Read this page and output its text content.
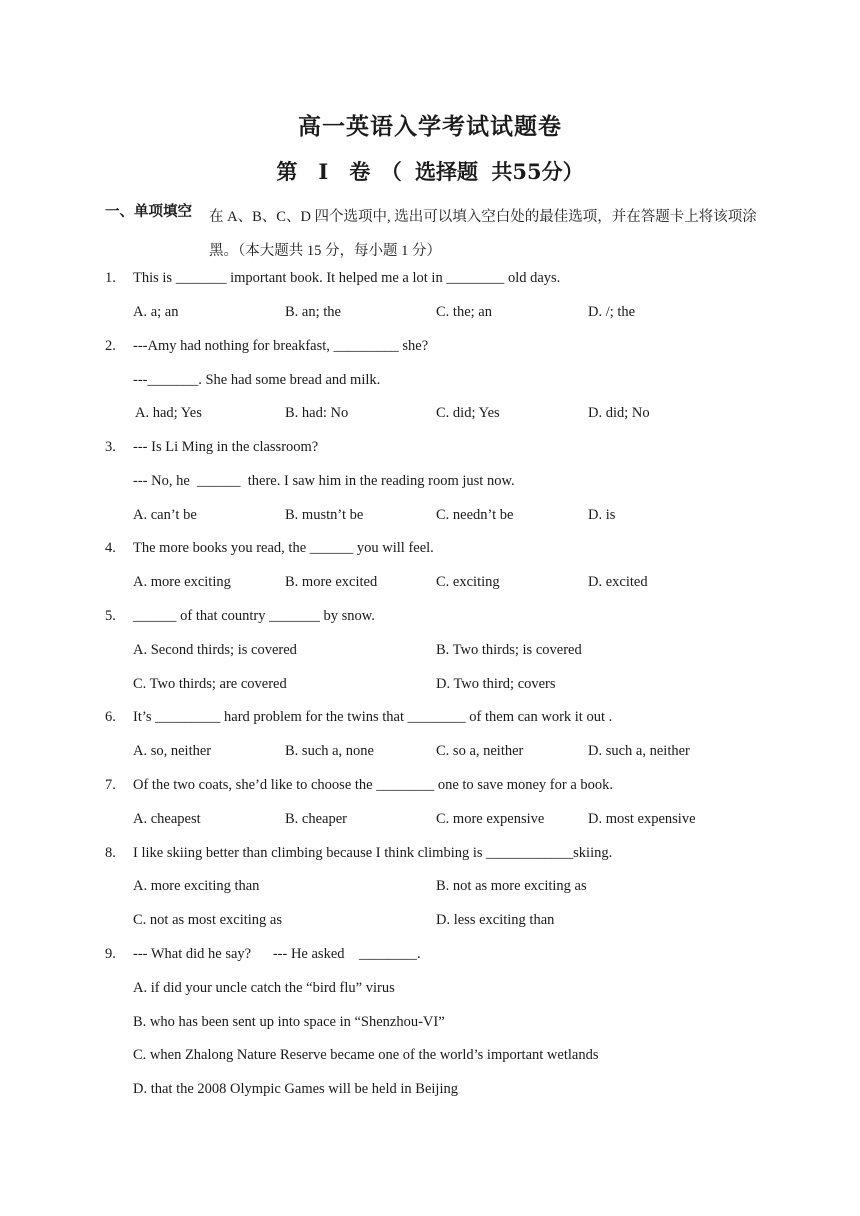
高一英语入学考试试题卷
第　Ⅰ　卷　（ 选择题 共55分）
一、单项填空 在 A、B、C、D 四个选项中, 选出可以填入空白处的最佳选项，并在答题卡上将该项涂黑。（本大题共 15 分，每小题 1 分）
1. This is _______ important book. It helped me a lot in ________ old days.
A. a; an	B. an; the	C. the; an	D. /; the
2. ---Amy had nothing for breakfast, _________ she?
---_______. She had some bread and milk.
A. had; Yes	B. had: No	C. did; Yes	D. did; No
3. --- Is Li Ming in the classroom?
--- No, he  ______  there. I saw him in the reading room just now.
A. can’t be	B. mustn’t be	C. needn’t be	D. is
4. The more books you read, the ______ you will feel.
A. more exciting	B. more excited	C. exciting	D. excited
5. ______ of that country _______ by snow.
A. Second thirds; is covered	B. Two thirds; is covered
C. Two thirds; are covered	D. Two third; covers
6. It’s _________ hard problem for the twins that ________ of them can work it out .
A. so, neither	B. such a, none	C. so a, neither	D. such a, neither
7. Of the two coats, she’d like to choose the ________ one to save money for a book.
A. cheapest	B. cheaper	C. more expensive	D. most expensive
8. I like skiing better than climbing because I think climbing is ____________skiing.
A. more exciting than	B. not as more exciting as
C. not as most exciting as	D. less exciting than
9. --- What did he say?      --- He asked    ________.
A. if did your uncle catch the “bird flu” virus
B. who has been sent up into space in “Shenzhou-VI”
C. when Zhalong Nature Reserve became one of the world’s important wetlands
D. that the 2008 Olympic Games will be held in Beijing
